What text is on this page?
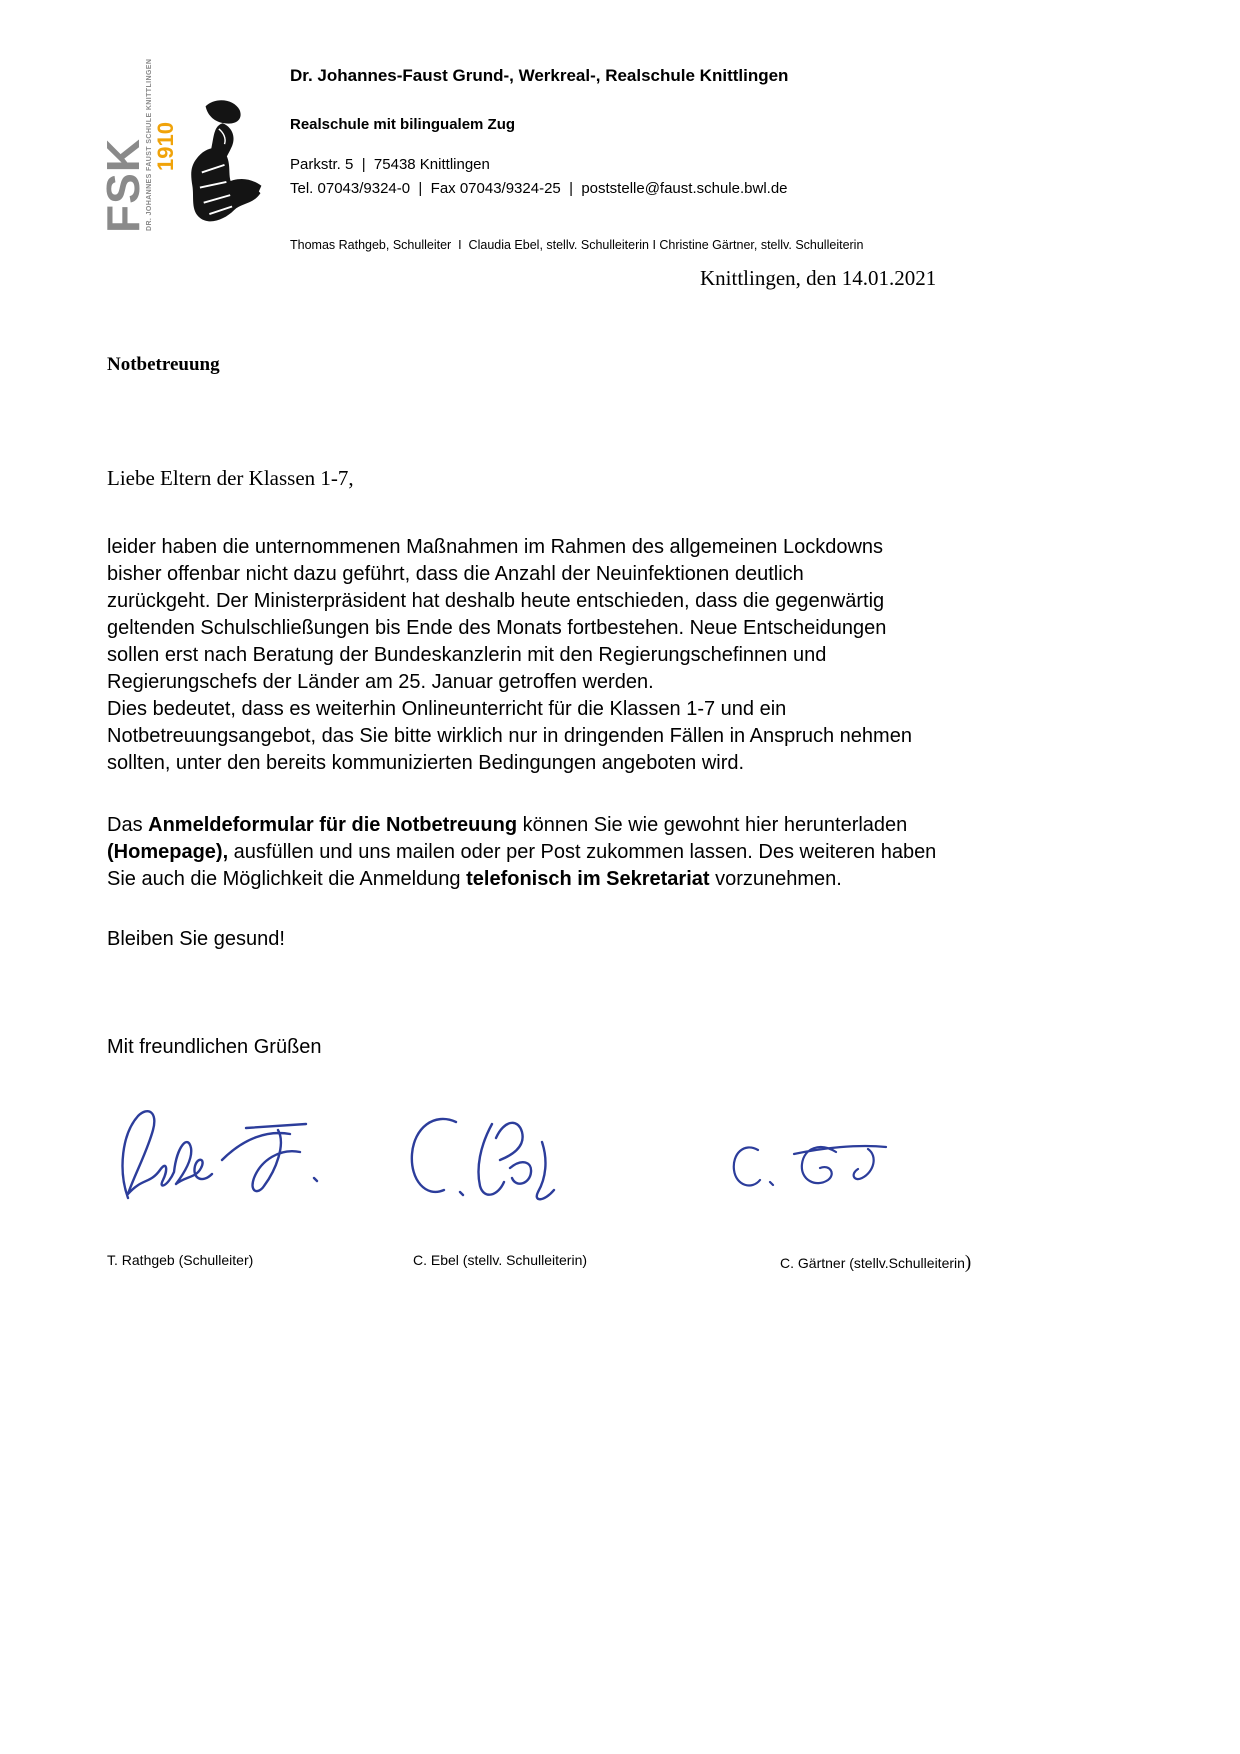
FSK
DR. JOHANNES FAUST SCHULE KNITTLINGEN 1910
Dr. Johannes-Faust Grund-, Werkreal-, Realschule Knittlingen
Realschule mit bilingualem Zug
Parkstr. 5  |  75438 Knittlingen
Tel. 07043/9324-0  |  Fax 07043/9324-25  |  poststelle@faust.schule.bwl.de
Thomas Rathgeb, Schulleiter  I  Claudia Ebel, stellv. Schulleiterin I Christine Gärtner, stellv. Schulleiterin
Knittlingen, den 14.01.2021
Notbetreuung
Liebe Eltern der Klassen 1-7,
leider haben die unternommenen Maßnahmen im Rahmen des allgemeinen Lockdowns
bisher offenbar nicht dazu geführt, dass die Anzahl der Neuinfektionen deutlich
zurückgeht. Der Ministerpräsident hat deshalb heute entschieden, dass die gegenwärtig
geltenden Schulschließungen bis Ende des Monats fortbestehen. Neue Entscheidungen
sollen erst nach Beratung der Bundeskanzlerin mit den Regierungschefinnen und
Regierungschefs der Länder am 25. Januar getroffen werden.
Dies bedeutet, dass es weiterhin Onlineunterricht für die Klassen 1-7 und ein
Notbetreuungsangebot, das Sie bitte wirklich nur in dringenden Fällen in Anspruch nehmen
sollten, unter den bereits kommunizierten Bedingungen angeboten wird.
Das Anmeldeformular für die Notbetreuung können Sie wie gewohnt hier herunterladen
(Homepage), ausfüllen und uns mailen oder per Post zukommen lassen. Des weiteren haben
Sie auch die Möglichkeit die Anmeldung telefonisch im Sekretariat vorzunehmen.
Bleiben Sie gesund!
Mit freundlichen Grüßen
T. Rathgeb (Schulleiter)	C. Ebel (stellv. Schulleiterin)	C. Gärtner (stellv.Schulleiterin)
